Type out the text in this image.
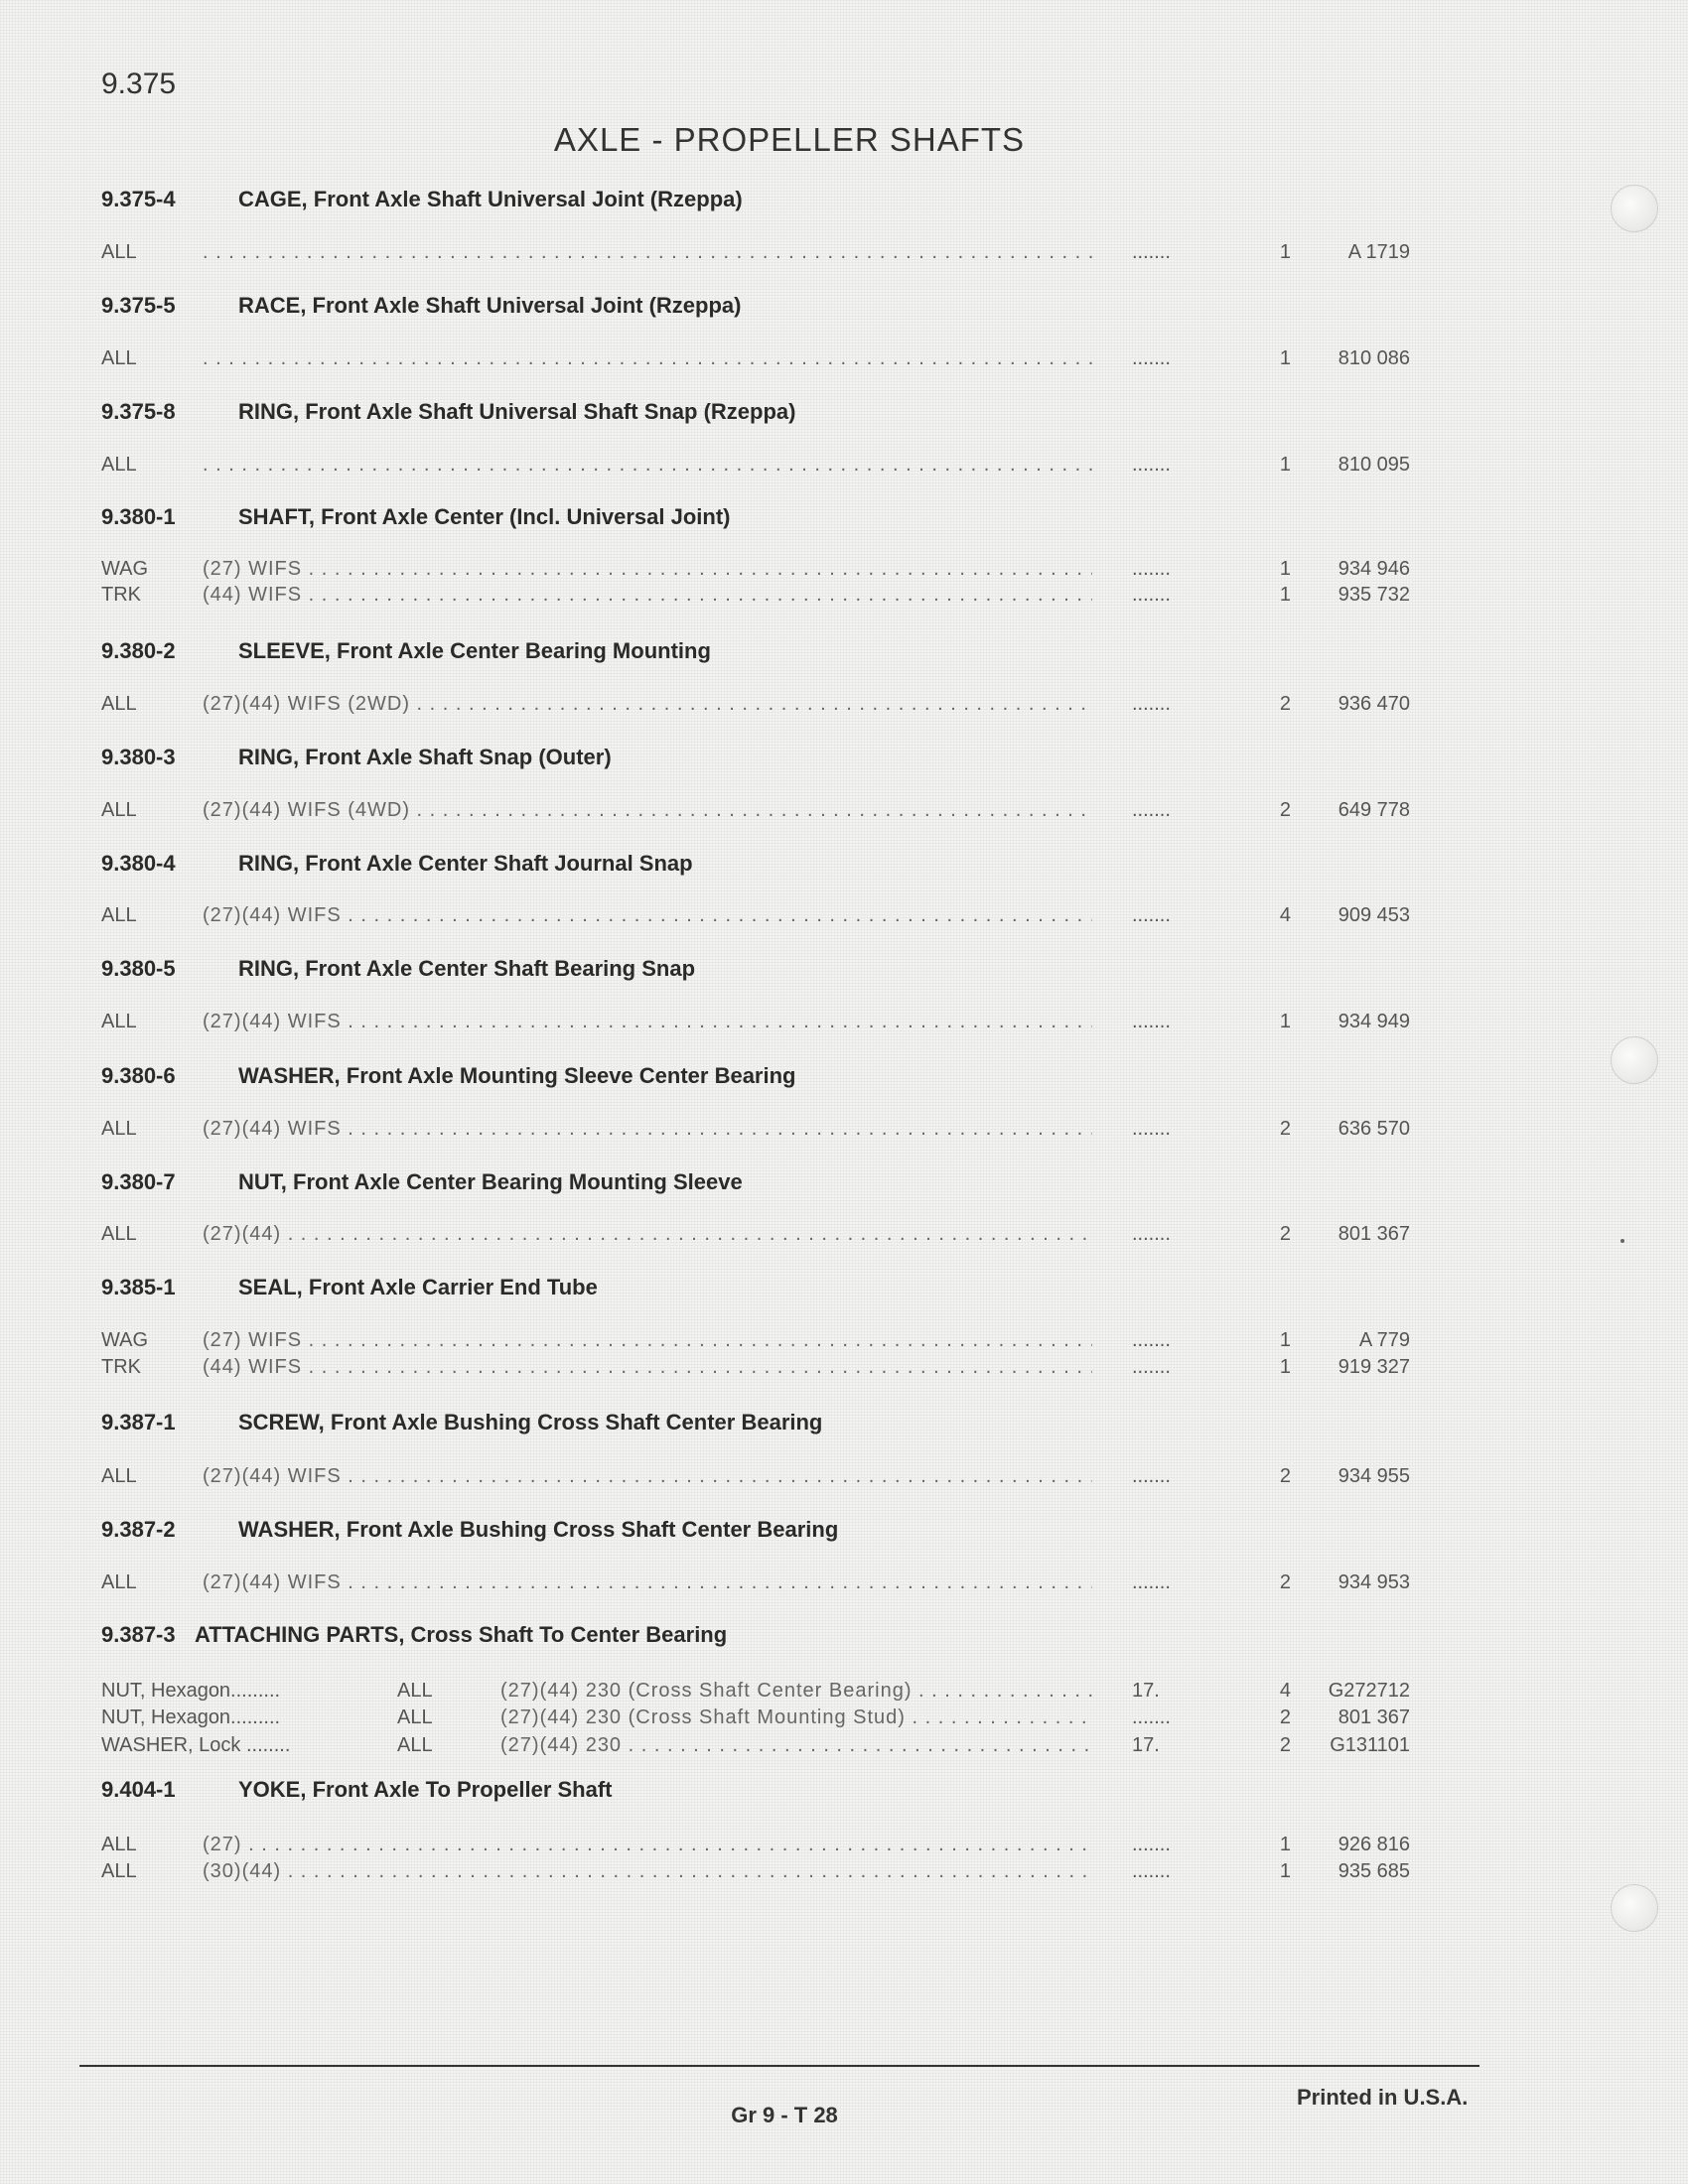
9.375
AXLE - PROPELLER SHAFTS
9.375-4	CAGE, Front Axle Shaft Universal Joint (Rzeppa)
ALL . . .	.......	1	A 1719
9.375-5	RACE, Front Axle Shaft Universal Joint (Rzeppa)
ALL . . .	.......	1	810 086
9.375-8	RING, Front Axle Shaft Universal Shaft Snap (Rzeppa)
ALL . . .	.......	1	810 095
9.380-1	SHAFT, Front Axle Center (Incl. Universal Joint)
WAG	(27) WIFS . . .	.......	1	934 946
TRK	(44) WIFS . . .	.......	1	935 732
9.380-2	SLEEVE, Front Axle Center Bearing Mounting
ALL	(27)(44) WIFS (2WD) . . .	.......	2	936 470
9.380-3	RING, Front Axle Shaft Snap (Outer)
ALL	(27)(44) WIFS (4WD) . . .	.......	2	649 778
9.380-4	RING, Front Axle Center Shaft Journal Snap
ALL	(27)(44) WIFS . . .	.......	4	909 453
9.380-5	RING, Front Axle Center Shaft Bearing Snap
ALL	(27)(44) WIFS . . .	.......	1	934 949
9.380-6	WASHER, Front Axle Mounting Sleeve Center Bearing
ALL	(27)(44) WIFS . . .	.......	2	636 570
9.380-7	NUT, Front Axle Center Bearing Mounting Sleeve
ALL	(27)(44) . . .	.......	2	801 367
9.385-1	SEAL, Front Axle Carrier End Tube
WAG	(27) WIFS . . .	.......	1	A 779
TRK	(44) WIFS . . .	.......	1	919 327
9.387-1	SCREW, Front Axle Bushing Cross Shaft Center Bearing
ALL	(27)(44) WIFS . . .	.......	2	934 955
9.387-2	WASHER, Front Axle Bushing Cross Shaft Center Bearing
ALL	(27)(44) WIFS . . .	.......	2	934 953
9.387-3 ATTACHING PARTS, Cross Shaft To Center Bearing
NUT, Hexagon.........	ALL	(27)(44) 230 (Cross Shaft Center Bearing) . . .	17.	4	G272712
NUT, Hexagon.........	ALL	(27)(44) 230 (Cross Shaft Mounting Stud) . . .	.......	2	801 367
WASHER, Lock ........	ALL	(27)(44) 230 . . .	17.	2	G131101
9.404-1	YOKE, Front Axle To Propeller Shaft
ALL	(27) . . .	.......	1	926 816
ALL	(30)(44) . . .	.......	1	935 685
Gr 9 - T 28
Printed in U.S.A.
